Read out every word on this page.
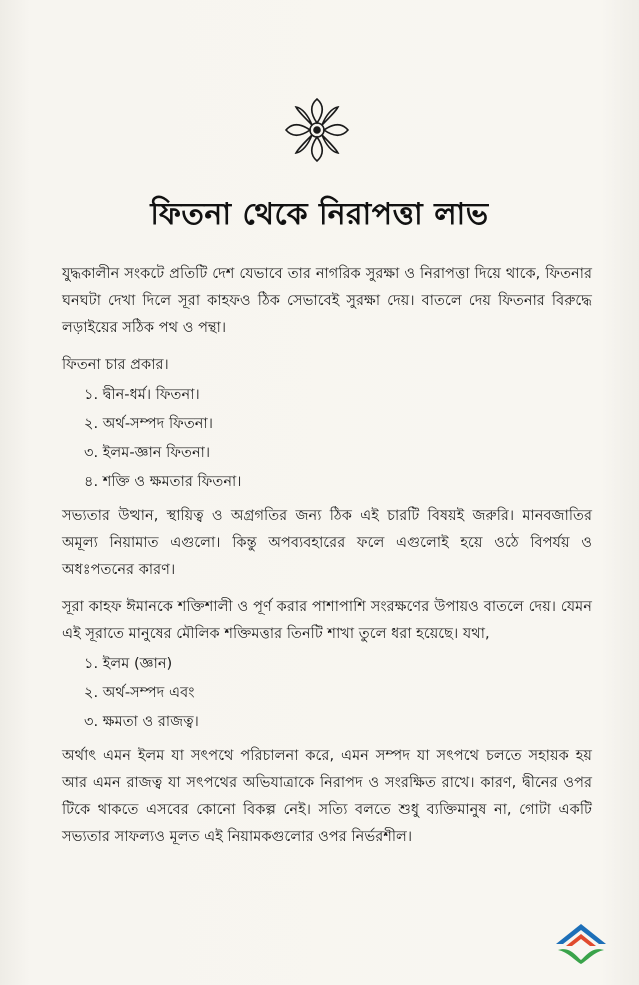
ফিতনা থেকে নিরাপত্তা লাভ

যুদ্ধকালীন সংকটে প্রতিটি দেশ যেভাবে তার নাগরিক সুরক্ষা ও নিরাপত্তা দিয়ে থাকে, ফিতনার ঘনঘটা দেখা দিলে সূরা কাহফও ঠিক সেভাবেই সুরক্ষা দেয়। বাতলে দেয় ফিতনার বিরুদ্ধে লড়াইয়ের সঠিক পথ ও পন্থা।

ফিতনা চার প্রকার।

১. দ্বীন-ধর্ম। ফিতনা।
২. অর্থ-সম্পদ ফিতনা।
৩. ইলম-জ্ঞান ফিতনা।
৪. শক্তি ও ক্ষমতার ফিতনা।

সভ্যতার উত্থান, স্থায়িত্ব ও অগ্রগতির জন্য ঠিক এই চারটি বিষয়ই জরুরি। মানবজাতির অমূল্য নিয়ামাত এগুলো। কিন্তু অপব্যবহারের ফলে এগুলোই হয়ে ওঠে বিপর্যয় ও অধঃপতনের কারণ।

সূরা কাহফ ঈমানকে শক্তিশালী ও পূর্ণ করার পাশাপাশি সংরক্ষণের উপায়ও বাতলে দেয়। যেমন এই সূরাতে মানুষের মৌলিক শক্তিমত্তার তিনটি শাখা তুলে ধরা হয়েছে। যথা,

১. ইলম (জ্ঞান)
২. অর্থ-সম্পদ এবং
৩. ক্ষমতা ও রাজত্ব।

অর্থাৎ এমন ইলম যা সৎপথে পরিচালনা করে, এমন সম্পদ যা সৎপথে চলতে সহায়ক হয় আর এমন রাজত্ব যা সৎপথের অভিযাত্রাকে নিরাপদ ও সংরক্ষিত রাখে। কারণ, দ্বীনের ওপর টিকে থাকতে এসবের কোনো বিকল্প নেই। সত্যি বলতে শুধু ব্যক্তিমানুষ না, গোটা একটি সভ্যতার সাফল্যও মূলত এই নিয়ামকগুলোর ওপর নির্ভরশীল।
